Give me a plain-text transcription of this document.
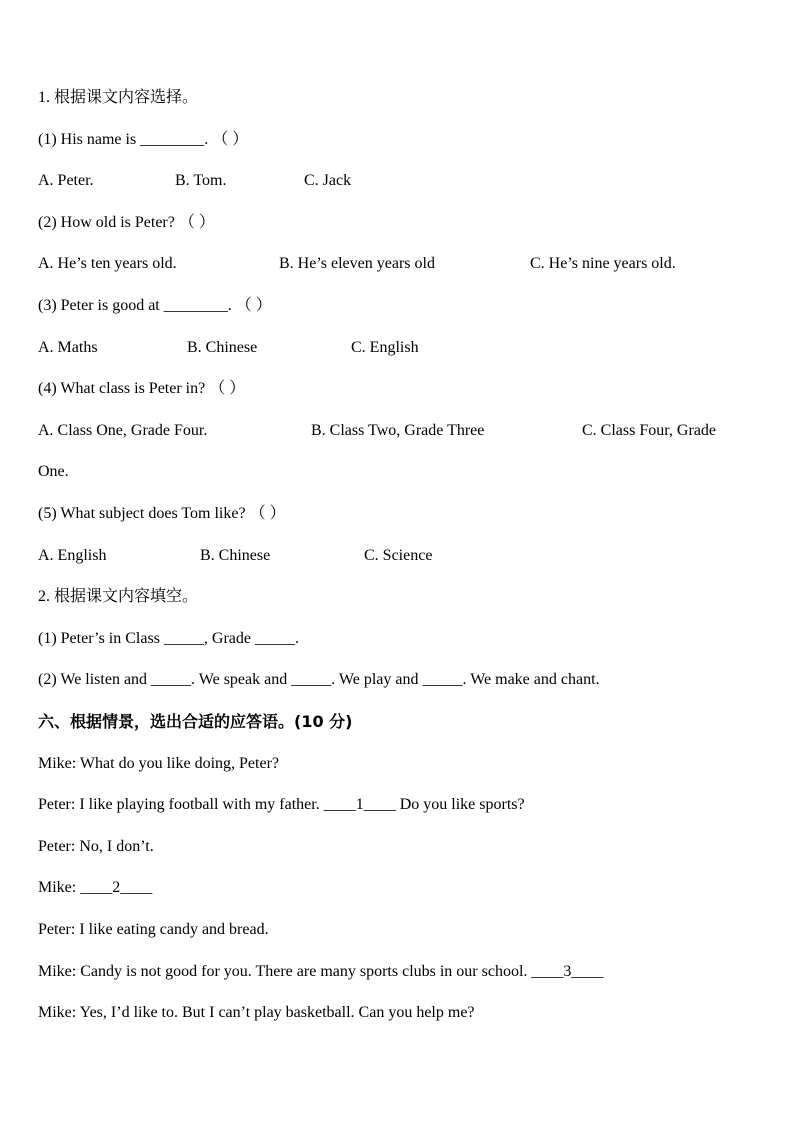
1. 根据课文内容选择。
(1) His name is ________. （ ）
A. Peter.	B. Tom.	C. Jack
(2) How old is Peter? （ ）
A. He’s ten years old.	B. He’s eleven years old	C. He’s nine years old.
(3) Peter is good at ________. （ ）
A. Maths	B. Chinese	C. English
(4) What class is Peter in? （ ）
A. Class One, Grade Four.	B. Class Two, Grade Three	C. Class Four, Grade
One.
(5) What subject does Tom like? （ ）
A. English	B. Chinese	C. Science
2. 根据课文内容填空。
(1) Peter’s in Class _____, Grade _____.
(2) We listen and _____. We speak and _____. We play and _____. We make and chant.
六、根据情景，选出合适的应答语。(10 分)
Mike: What do you like doing, Peter?
Peter: I like playing football with my father. ____1____ Do you like sports?
Peter: No, I don’t.
Mike: ____2____
Peter: I like eating candy and bread.
Mike: Candy is not good for you. There are many sports clubs in our school. ____3____
Mike: Yes, I’d like to. But I can’t play basketball. Can you help me?
